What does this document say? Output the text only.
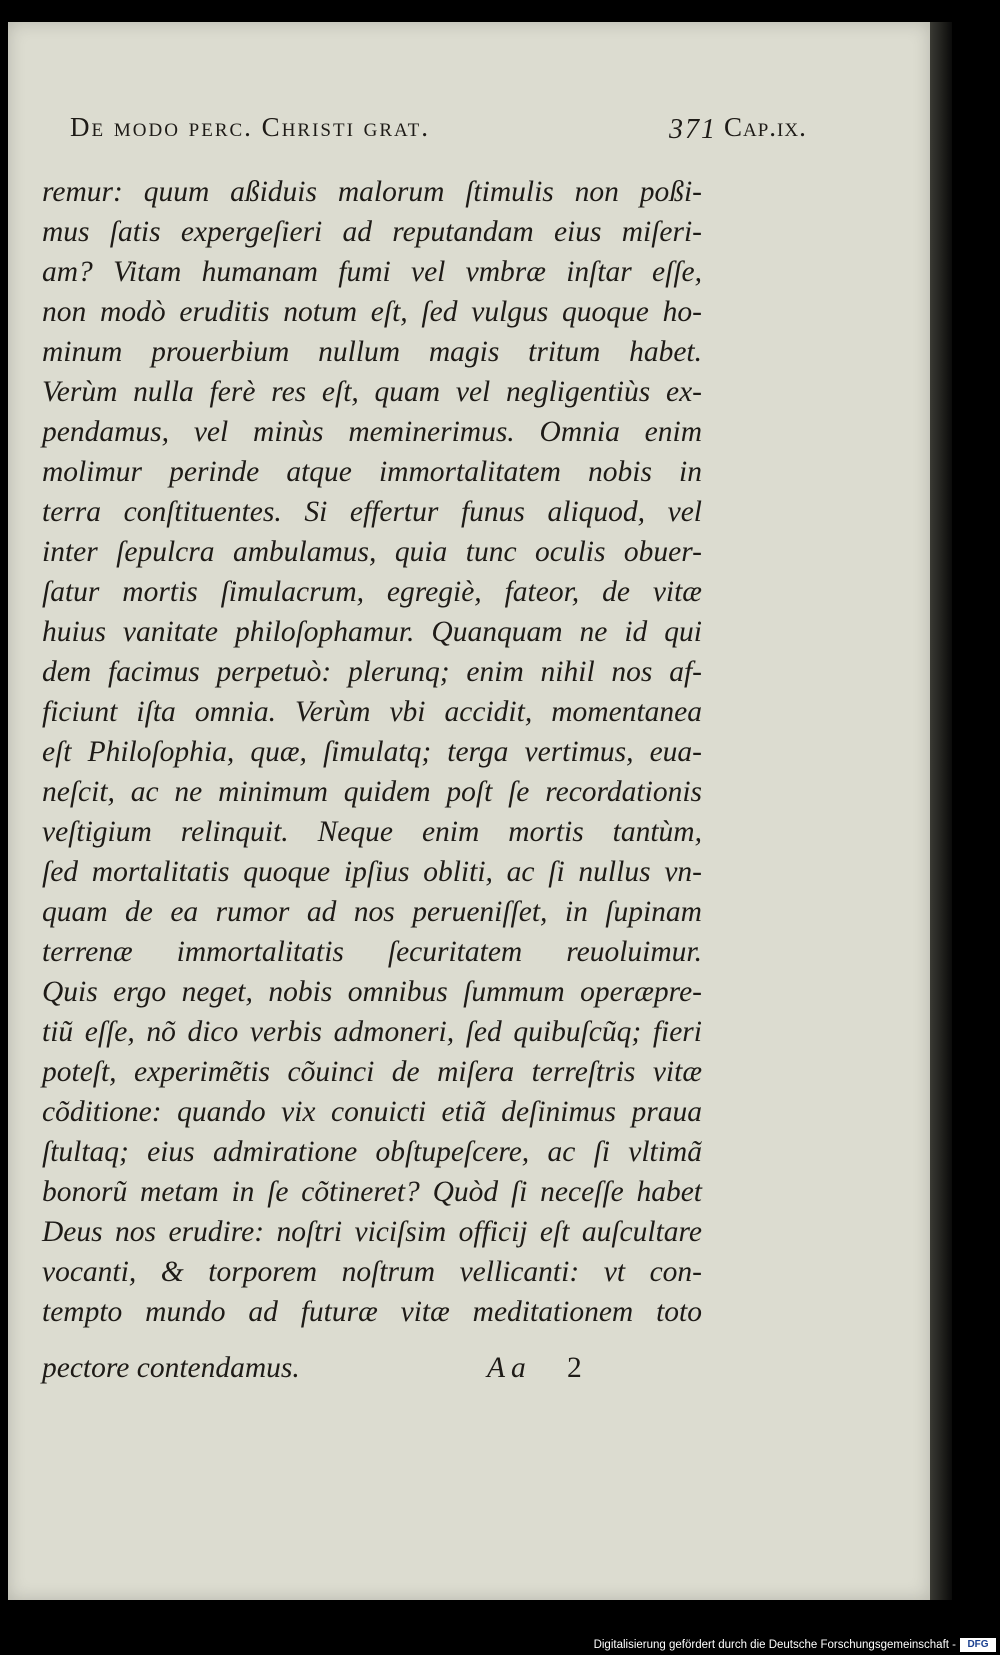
De modo perc. Christi grat.	371 Cap.ix.
remur: quum aßiduis malorum ſtimulis non poßi-
mus ſatis expergeſieri ad reputandam eius miſeri-
am? Vitam humanam fumi vel vmbræ inſtar eſſe,
non modò eruditis notum eſt, ſed vulgus quoque ho-
minum prouerbium nullum magis tritum habet.
Verùm nulla ferè res eſt, quam vel negligentiùs ex-
pendamus, vel minùs meminerimus. Omnia enim
molimur perinde atque immortalitatem nobis in
terra conſtituentes. Si effertur funus aliquod, vel
inter ſepulcra ambulamus, quia tunc oculis obuer-
ſatur mortis ſimulacrum, egregiè, fateor, de vitæ
huius vanitate philoſophamur. Quanquam ne id qui
dem facimus perpetuò: plerunq; enim nihil nos af-
ficiunt iſta omnia. Verùm vbi accidit, momentanea
eſt Philoſophia, quæ, ſimulatq; terga vertimus, eua-
neſcit, ac ne minimum quidem poſt ſe recordationis
veſtigium relinquit. Neque enim mortis tantùm,
ſed mortalitatis quoque ipſius obliti, ac ſi nullus vn-
quam de ea rumor ad nos perueniſſet, in ſupinam
terrenæ immortalitatis ſecuritatem reuoluimur.
Quis ergo neget, nobis omnibus ſummum operæpre-
tiũ eſſe, nõ dico verbis admoneri, ſed quibuſcũq; fieri
poteſt, experimẽtis cõuinci de miſera terreſtris vitæ
cõditione: quando vix conuicti etiã deſinimus praua
ſtultaq; eius admiratione obſtupeſcere, ac ſi vltimã
bonorũ metam in ſe cõtineret? Quòd ſi neceſſe habet
Deus nos erudire: noſtri viciſsim officij eſt auſcultare
vocanti, & torporem noſtrum vellicanti: vt con-
tempto mundo ad futuræ vitæ meditationem toto
pectore contendamus.	Aa 2
Digitalisierung gefördert durch die Deutsche Forschungsgemeinschaft -	DFG
